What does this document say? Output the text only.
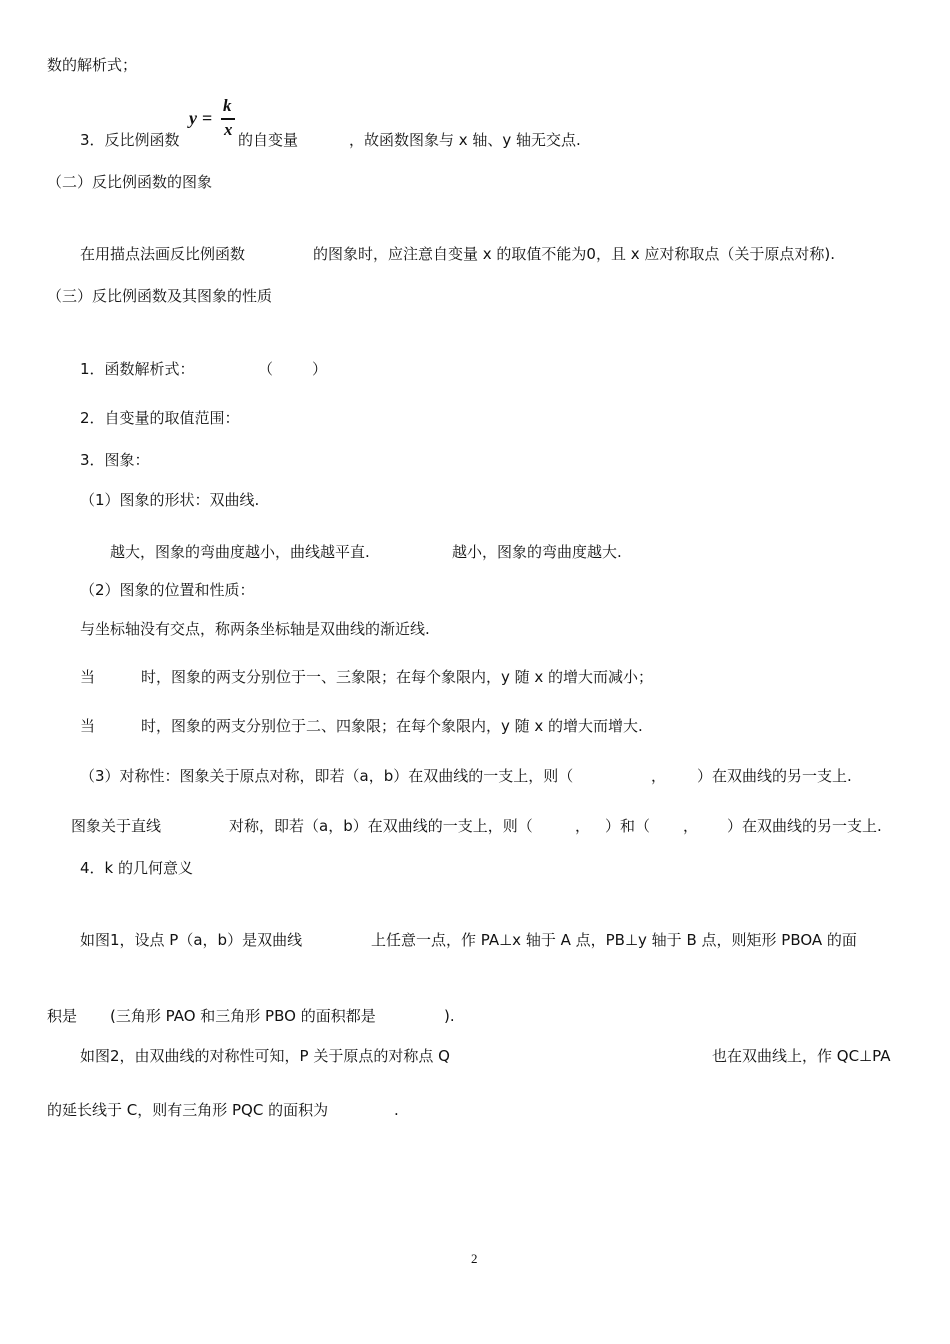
数的解析式；
3．反比例函数
y =
k
x
的自变量	，故函数图象与 x 轴、y 轴无交点.
（二）反比例函数的图象
在用描点法画反比例函数	的图象时，应注意自变量 x 的取值不能为0，且 x 应对称取点（关于原点对称).
（三）反比例函数及其图象的性质
1．函数解析式：	（	）
2．自变量的取值范围：
3．图象：
（1）图象的形状：双曲线.
越大，图象的弯曲度越小，曲线越平直.	越小，图象的弯曲度越大.
（2）图象的位置和性质：
与坐标轴没有交点，称两条坐标轴是双曲线的渐近线.
当	时，图象的两支分别位于一、三象限；在每个象限内，y 随 x 的增大而减小；
当	时，图象的两支分别位于二、四象限；在每个象限内，y 随 x 的增大而增大.
（3）对称性：图象关于原点对称，即若（a，b）在双曲线的一支上，则（	， ）在双曲线的另一支上.
图象关于直线	对称，即若（a，b）在双曲线的一支上，则（	， ）和（ ， ）在双曲线的另一支上.
4．k 的几何意义
如图1，设点 P（a，b）是双曲线	上任意一点，作 PA⊥x 轴于 A 点，PB⊥y 轴于 B 点，则矩形 PBOA 的面
积是 (三角形 PAO 和三角形 PBO 的面积都是	).
如图2，由双曲线的对称性可知，P 关于原点的对称点 Q	也在双曲线上，作 QC⊥PA
的延长线于 C，则有三角形 PQC 的面积为	.
2
